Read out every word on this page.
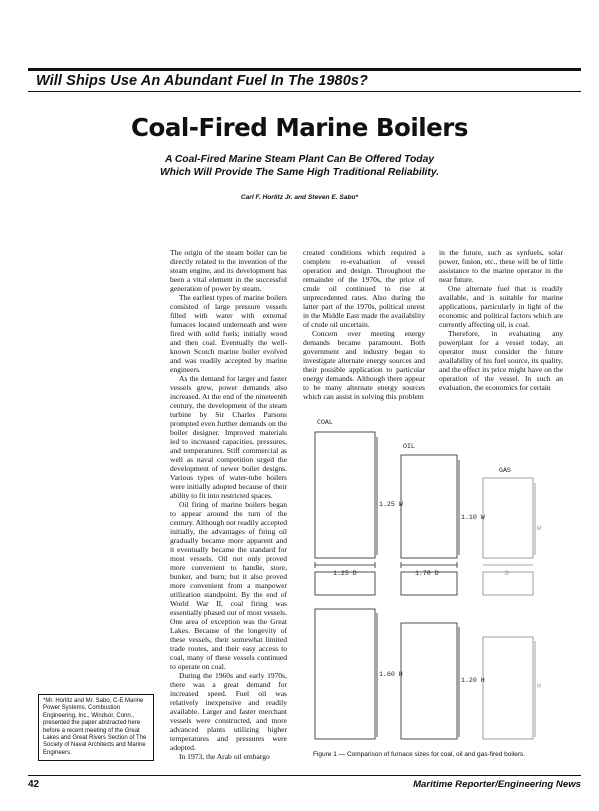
Will Ships Use An Abundant Fuel In The 1980s?
Coal-Fired Marine Boilers
A Coal-Fired Marine Steam Plant Can Be Offered Today
Which Will Provide The Same High Traditional Reliability.
Carl F. Horlitz Jr. and Steven E. Sabo*

The origin of the steam boiler can be directly related to the invention of the steam engine, and its development has been a vital element in the successful generation of power by steam.

The earliest types of marine boilers consisted of large pressure vessels filled with water with external furnaces located underneath and were fired with solid fuels; initially wood and then coal. Eventually the well-known Scotch marine boiler evolved and was readily accepted by marine engineers.

As the demand for larger and faster vessels grew, power demands also increased. At the end of the nineteenth century, the development of the steam turbine by Sir Charles Parsons prompted even further demands on the boiler designer. Improved materials led to increased capacities, pressures, and temperatures. Stiff commercial as well as naval competition urged the development of newer boiler designs. Various types of water-tube boilers were initially adopted because of their ability to fit into restricted spaces.

Oil firing of marine boilers began to appear around the turn of the century. Although not readily accepted initially, the advantages of firing oil gradually became more apparent and it eventually became the standard for most vessels. Oil not only proved more convenient to handle, store, bunker, and burn; but it also proved more convenient from a manpower utilization standpoint. By the end of World War II, coal firing was essentially phased out of most vessels. One area of exception was the Great Lakes. Because of the longevity of these vessels, their somewhat limited trade routes, and their easy access to coal, many of these vessels continued to operate on coal.

During the 1960s and early 1970s, there was a great demand for increased speed. Fuel oil was relatively inexpensive and readily available. Larger and faster merchant vessels were constructed, and more advanced plants utilizing higher temperatures and pressures were adopted.

In 1973, the Arab oil embargo

created conditions which required a complete re-evaluation of vessel operation and design. Throughout the remainder of the 1970s, the price of crude oil continued to rise at unprecedented rates. Also during the latter part of the 1970s, political unrest in the Middle East made the availability of crude oil uncertain.

Concern over meeting energy demands became paramount. Both government and industry began to investigate alternate energy sources and their possible application to particular energy demands. Although there appear to be many alternate energy sources which can assist in solving this problem

in the future, such as synfuels, solar power, fusion, etc., these will be of little assistance to the marine operator in the near future.

One alternate fuel that is readily available, and is suitable for marine applications, particularly in light of the economic and political factors which are currently affecting oil, is coal.

Therefore, in evaluating any powerplant for a vessel today, an operator must consider the future availability of his fuel source, its quality, and the effect its price might have on the operation of the vessel. In such an evaluation, the economics for certain

*Mr. Horlitz and Mr. Sabo, C-E Marine Power Systems, Combustion Engineering, Inc., Windsor, Conn., presented the paper abstracted here before a recent meeting of the Great Lakes and Great Rivers Section of The Society of Naval Architects and Marine Engineers.
COAL
OIL
GAS
1.25 W
1.10 W
W
1.25 D	1.70 D	D
1.60 H
1.20 H
H
Figure 1 — Comparison of furnace sizes for coal, oil and gas-fired boilers.
42	Maritime Reporter/Engineering News
